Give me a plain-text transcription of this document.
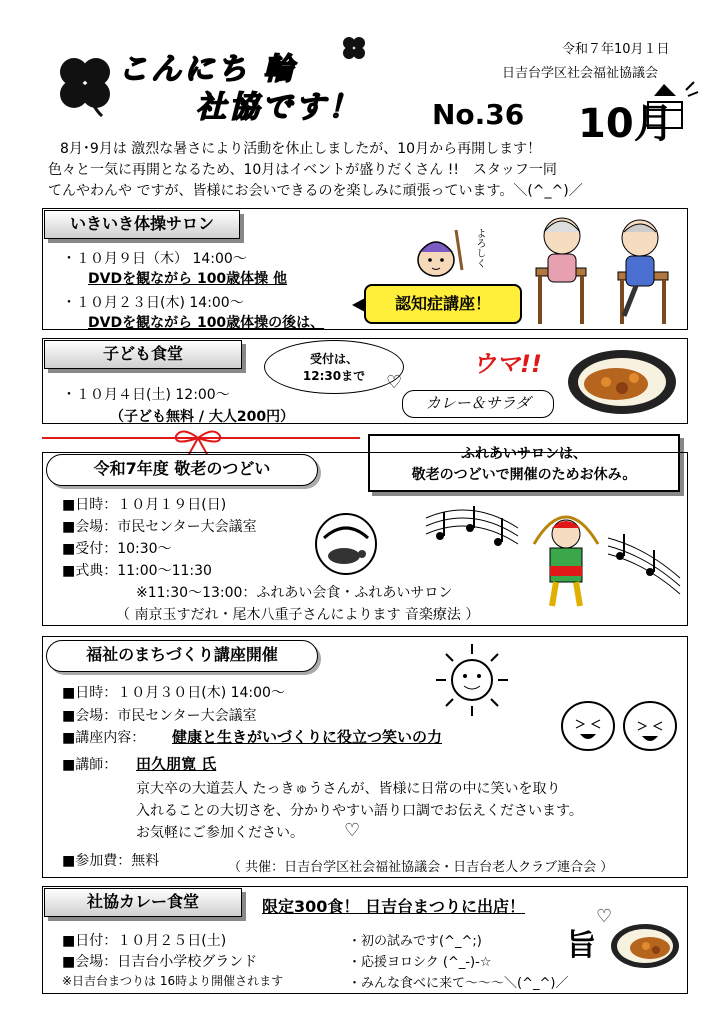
こんにち 輪
社協です！	No.36 10月
令和７年10月１日
日吉台学区社会福祉協議会
8月･9月は 激烈な暑さにより活動を休止しましたが、10月から再開します！
色々と一気に再開となるため、10月はイベントが盛りだくさん !!　スタッフ一同
てんやわんや ですが、皆様にお会いできるのを楽しみに頑張っています。＼(^_^)／
いきいき体操サロン
・１０月９日（木） 14:00～
DVDを観ながら 100歳体操 他
・１０月２３日(木) 14:00～
DVDを観ながら 100歳体操の後は、
認知症講座！
よろしく
子ども食堂
・１０月４日(土) 12:00～
（子ども無料 / 大人200円）
受付は、
12:30まで	♡
カレー＆サラダ
ウマ!!
ふれあいサロンは、
敬老のつどいで開催のためお休み。
令和7年度 敬老のつどい
■日時：１０月１９日(日)
■会場：市民センター大会議室
■受付：10:30～
■式典：11:00～11:30
※11:30～13:00：ふれあい会食・ふれあいサロン
（ 南京玉すだれ・尾木八重子さんによります 音楽療法 ）
福祉のまちづくり講座開催
■日時：１０月３０日(木) 14:00～
■会場：市民センター大会議室
■講座内容： 健康と生きがいづくりに役立つ笑いの力
■講師： 田久朋寛 氏
京大卒の大道芸人 たっきゅうさんが、皆様に日常の中に笑いを取り
入れることの大切さを、分かりやすい語り口調でお伝えくださいます。
お気軽にご参加ください。 ♡
■参加費：無料	（ 共催：日吉台学区社会福祉協議会・日吉台老人クラブ連合会 ）
社協カレー食堂	限定300食！ 日吉台まつりに出店！
■日付：１０月２５日(土)
■会場：日吉台小学校グランド
※日吉台まつりは 16時より開催されます
・初の試みです(^_^;)
・応援ヨロシク (^_-)-☆
・みんな食べに来て～～～＼(^_^)／
旨
♡
